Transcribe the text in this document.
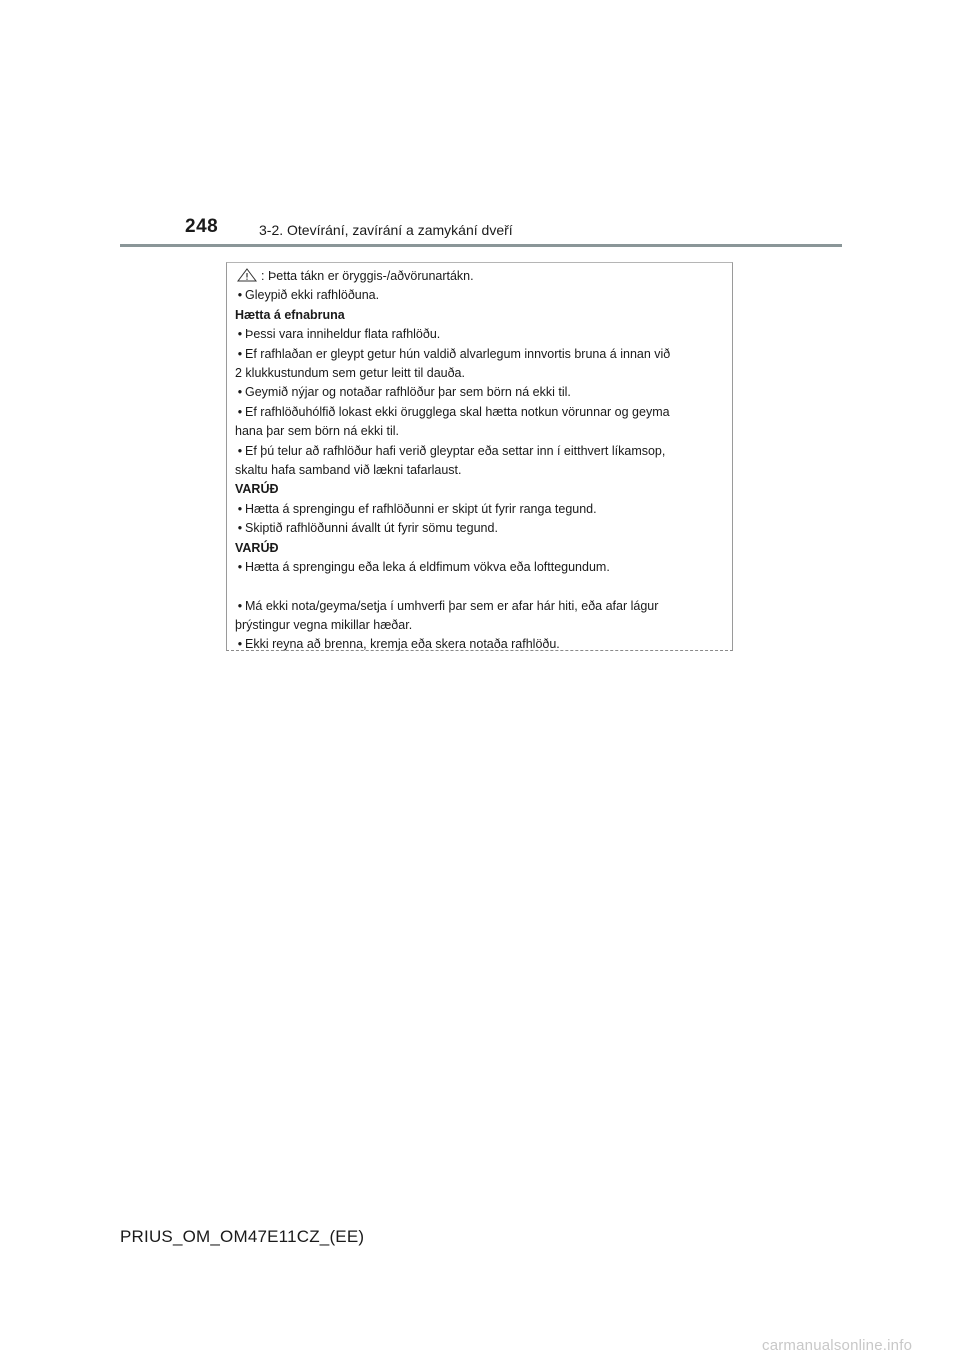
248	3-2. Otevírání, zavírání a zamykání dveří

: Þetta tákn er öryggis-/aðvörunartákn.

• Gleypið ekki rafhlöðuna.

Hætta á efnabruna

• Þessi vara inniheldur flata rafhlöðu.

• Ef rafhlaðan er gleypt getur hún valdið alvarlegum innvortis bruna á innan við

2 klukkustundum sem getur leitt til dauða.

• Geymið nýjar og notaðar rafhlöður þar sem börn ná ekki til.

• Ef rafhlöðuhólfið lokast ekki örugglega skal hætta notkun vörunnar og geyma

hana þar sem börn ná ekki til.

• Ef þú telur að rafhlöður hafi verið gleyptar eða settar inn í eitthvert líkamsop,

skaltu hafa samband við lækni tafarlaust.

VARÚÐ

• Hætta á sprengingu ef rafhlöðunni er skipt út fyrir ranga tegund.

• Skiptið rafhlöðunni ávallt út fyrir sömu tegund.

VARÚÐ

• Hætta á sprengingu eða leka á eldfimum vökva eða lofttegundum.

• Má ekki nota/geyma/setja í umhverfi þar sem er afar hár hiti, eða afar lágur

þrýstingur vegna mikillar hæðar.

• Ekki reyna að brenna, kremja eða skera notaða rafhlöðu.

PRIUS_OM_OM47E11CZ_(EE)
carmanualsonline.info
